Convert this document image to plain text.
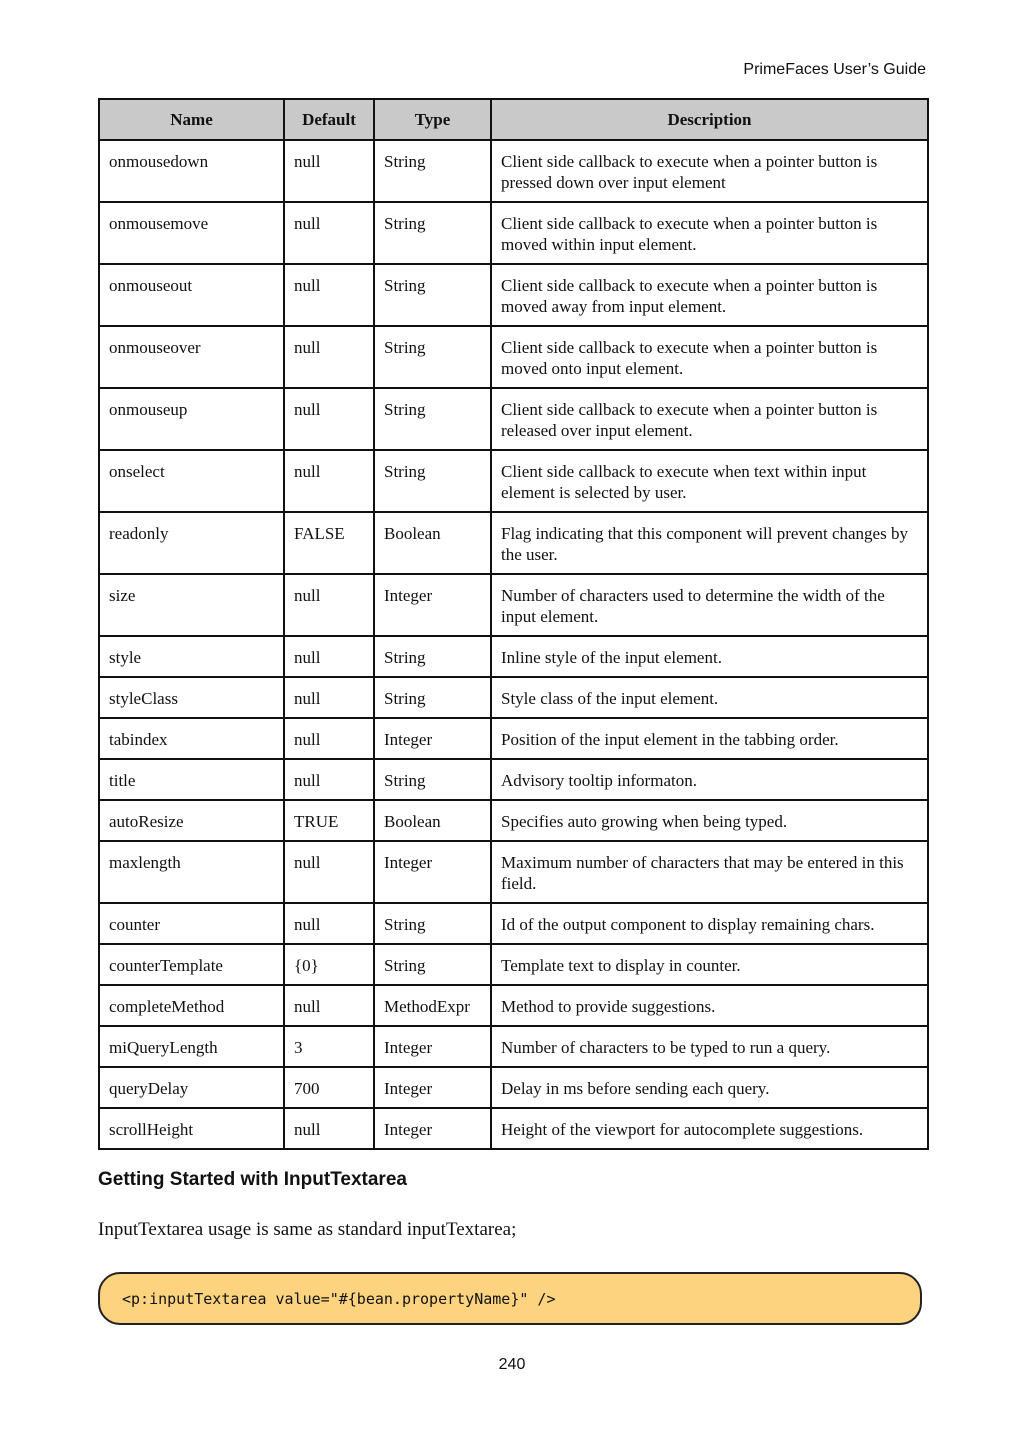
PrimeFaces User’s Guide
Name	Default	Type	Description
onmousedown	null	String	Client side callback to execute when a pointer button is pressed down over input element
onmousemove	null	String	Client side callback to execute when a pointer button is moved within input element.
onmouseout	null	String	Client side callback to execute when a pointer button is moved away from input element.
onmouseover	null	String	Client side callback to execute when a pointer button is moved onto input element.
onmouseup	null	String	Client side callback to execute when a pointer button is released over input element.
onselect	null	String	Client side callback to execute when text within input element is selected by user.
readonly	FALSE	Boolean	Flag indicating that this component will prevent changes by the user.
size	null	Integer	Number of characters used to determine the width of the input element.
style	null	String	Inline style of the input element.
styleClass	null	String	Style class of the input element.
tabindex	null	Integer	Position of the input element in the tabbing order.
title	null	String	Advisory tooltip informaton.
autoResize	TRUE	Boolean	Specifies auto growing when being typed.
maxlength	null	Integer	Maximum number of characters that may be entered in this field.
counter	null	String	Id of the output component to display remaining chars.
counterTemplate	{0}	String	Template text to display in counter.
completeMethod	null	MethodExpr	Method to provide suggestions.
miQueryLength	3	Integer	Number of characters to be typed to run a query.
queryDelay	700	Integer	Delay in ms before sending each query.
scrollHeight	null	Integer	Height of the viewport for autocomplete suggestions.
Getting Started with InputTextarea

InputTextarea usage is same as standard inputTextarea;

<p:inputTextarea value="#{bean.propertyName}" />
240
